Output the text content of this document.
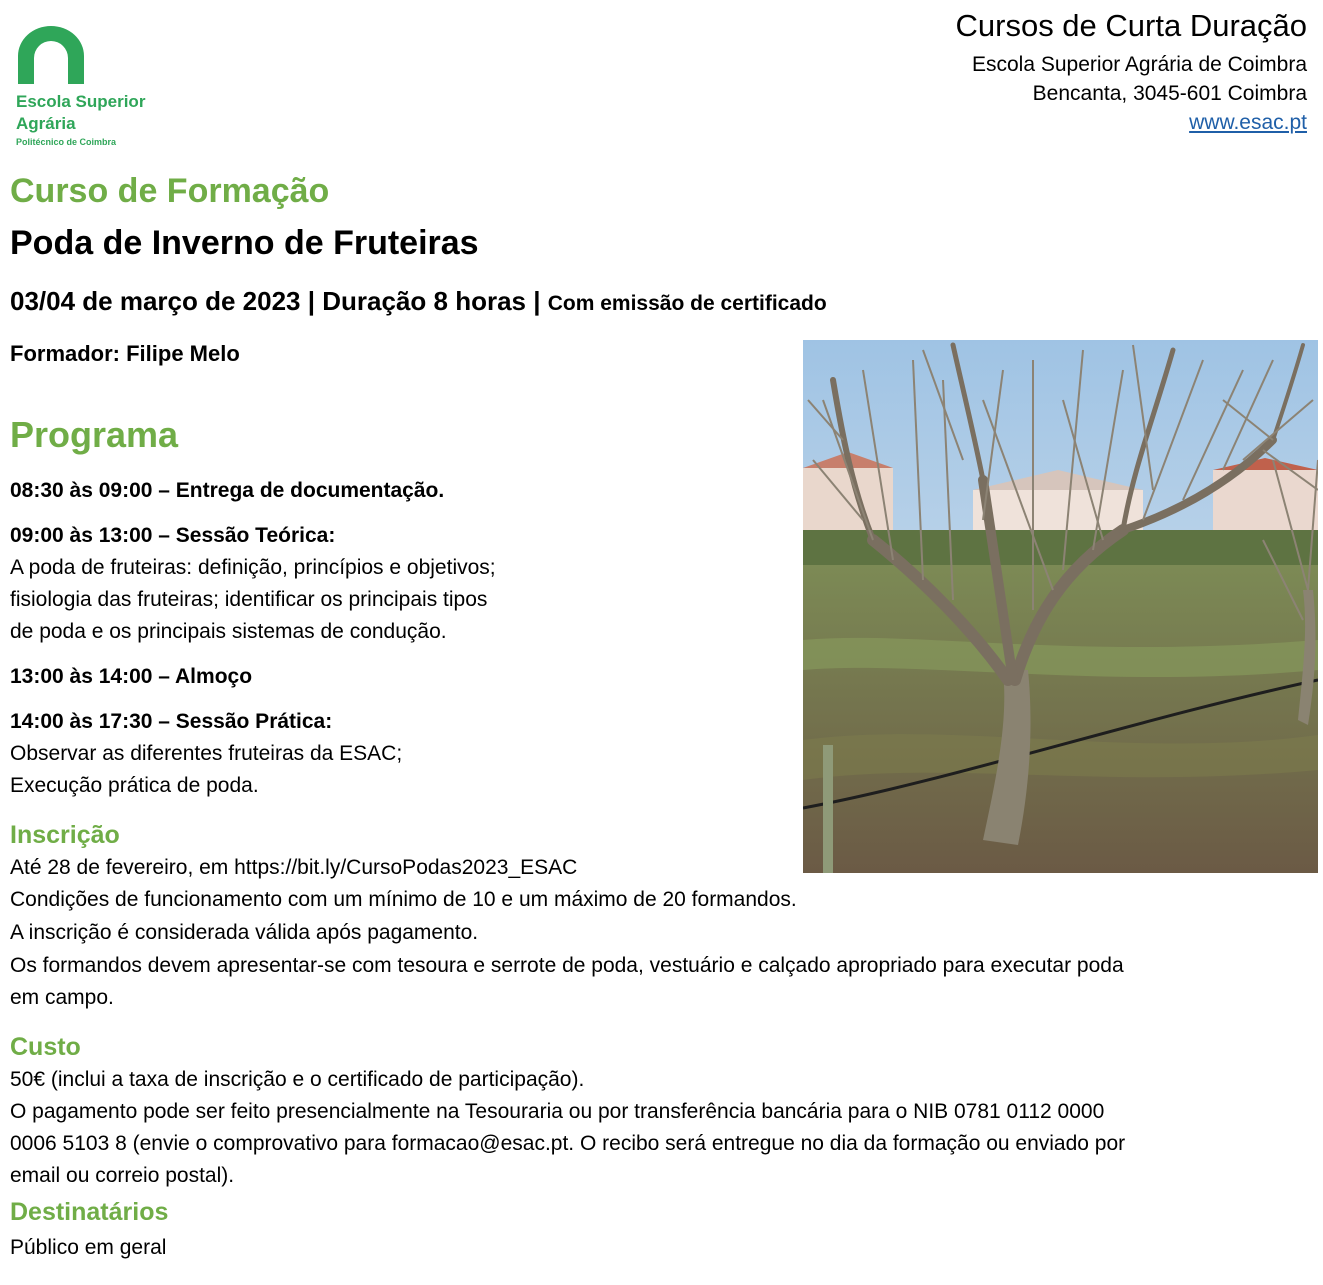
Escola Superior
Agrária
Politécnico de Coimbra
Cursos de Curta Duração
Escola Superior Agrária de Coimbra
Bencanta, 3045-601 Coimbra
www.esac.pt
Curso de Formação
Poda de Inverno de Fruteiras
03/04 de março de 2023 | Duração 8 horas | Com emissão de certificado
Formador: Filipe Melo
Programa
08:30 às 09:00 – Entrega de documentação.
09:00 às 13:00 – Sessão Teórica:
A poda de fruteiras: definição, princípios e objetivos;
fisiologia das fruteiras; identificar os principais tipos
de poda e os principais sistemas de condução.
13:00 às 14:00 – Almoço
14:00 às 17:30 – Sessão Prática:
Observar as diferentes fruteiras da ESAC;
Execução prática de poda.
Inscrição
Até 28 de fevereiro, em https://bit.ly/CursoPodas2023_ESAC
Condições de funcionamento com um mínimo de 10 e um máximo de 20 formandos.
A inscrição é considerada válida após pagamento.
Os formandos devem apresentar-se com tesoura e serrote de poda, vestuário e calçado apropriado para executar poda
em campo.
Custo
50€ (inclui a taxa de inscrição e o certificado de participação).
O pagamento pode ser feito presencialmente na Tesouraria ou por transferência bancária para o NIB 0781 0112 0000
0006 5103 8 (envie o comprovativo para formacao@esac.pt. O recibo será entregue no dia da formação ou enviado por
email ou correio postal).
Destinatários
Público em geral
